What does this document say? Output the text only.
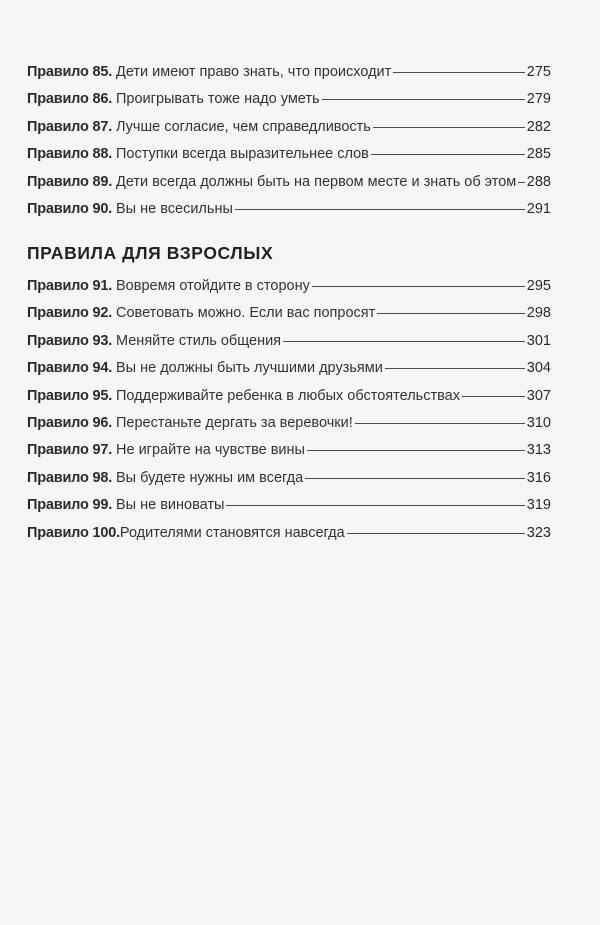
Правило 85. Дети имеют право знать, что происходит	275
Правило 86. Проигрывать тоже надо уметь	279
Правило 87. Лучше согласие, чем справедливость	282
Правило 88. Поступки всегда выразительнее слов	285
Правило 89. Дети всегда должны быть на первом месте и знать об этом 288
Правило 90. Вы не всесильны	291
ПРАВИЛА ДЛЯ ВЗРОСЛЫХ
Правило 91. Вовремя отойдите в сторону	295
Правило 92. Советовать можно. Если вас попросят	298
Правило 93. Меняйте стиль общения	301
Правило 94. Вы не должны быть лучшими друзьями	304
Правило 95. Поддерживайте ребенка в любых обстоятельствах	307
Правило 96. Перестаньте дергать за веревочки!	310
Правило 97. Не играйте на чувстве вины	313
Правило 98. Вы будете нужны им всегда	316
Правило 99. Вы не виноваты	319
Правило 100. Родителями становятся навсегда	323
